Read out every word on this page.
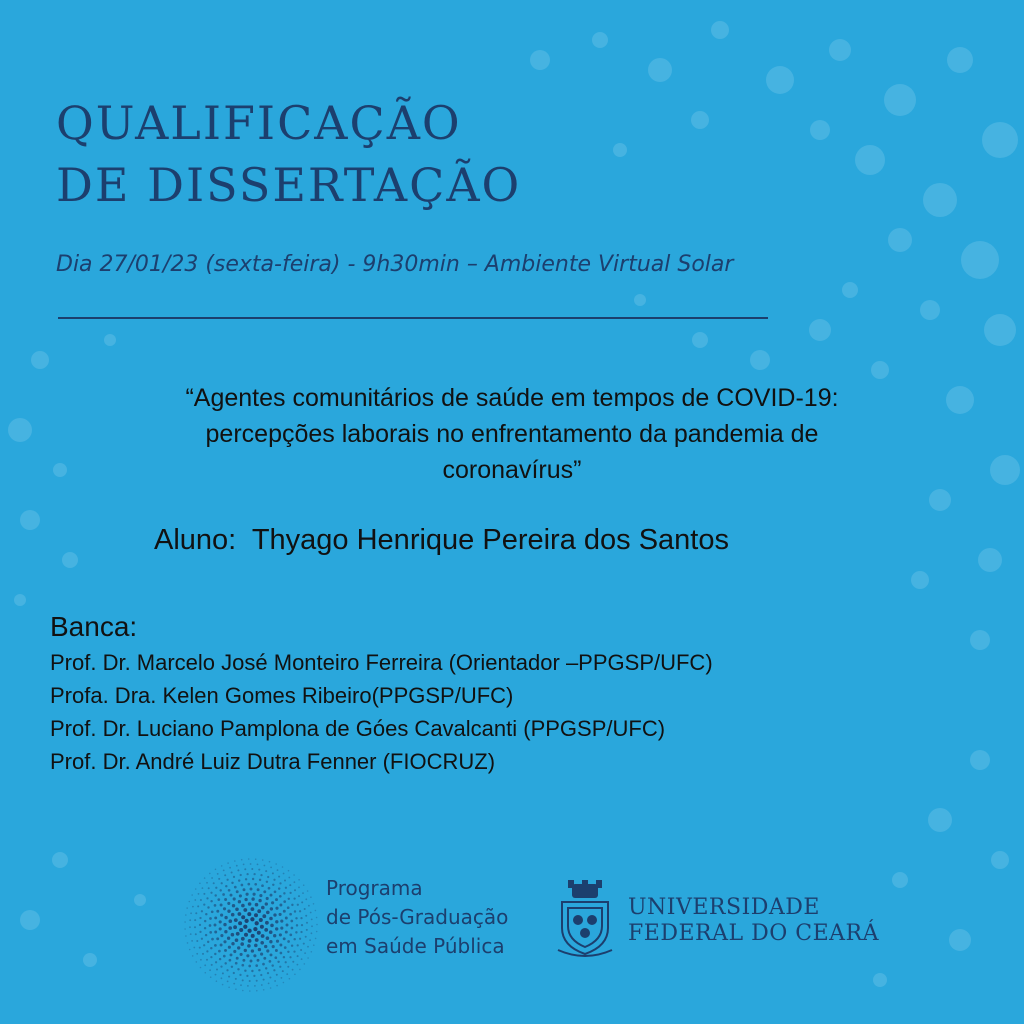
QUALIFICAÇÃO
DE DISSERTAÇÃO
Dia 27/01/23 (sexta-feira) - 9h30min – Ambiente Virtual Solar
“Agentes comunitários de saúde em tempos de COVID-19:
percepções laborais no enfrentamento da pandemia de
coronavírus”
Aluno: Thyago Henrique Pereira dos Santos
Banca:
Prof. Dr. Marcelo José Monteiro Ferreira (Orientador –PPGSP/UFC)
Profa. Dra. Kelen Gomes Ribeiro(PPGSP/UFC)
Prof. Dr. Luciano Pamplona de Góes Cavalcanti (PPGSP/UFC)
Prof. Dr. André Luiz Dutra Fenner (FIOCRUZ)
Programa
de Pós-Graduação
em Saúde Pública
UNIVERSIDADE
FEDERAL DO CEARÁ
